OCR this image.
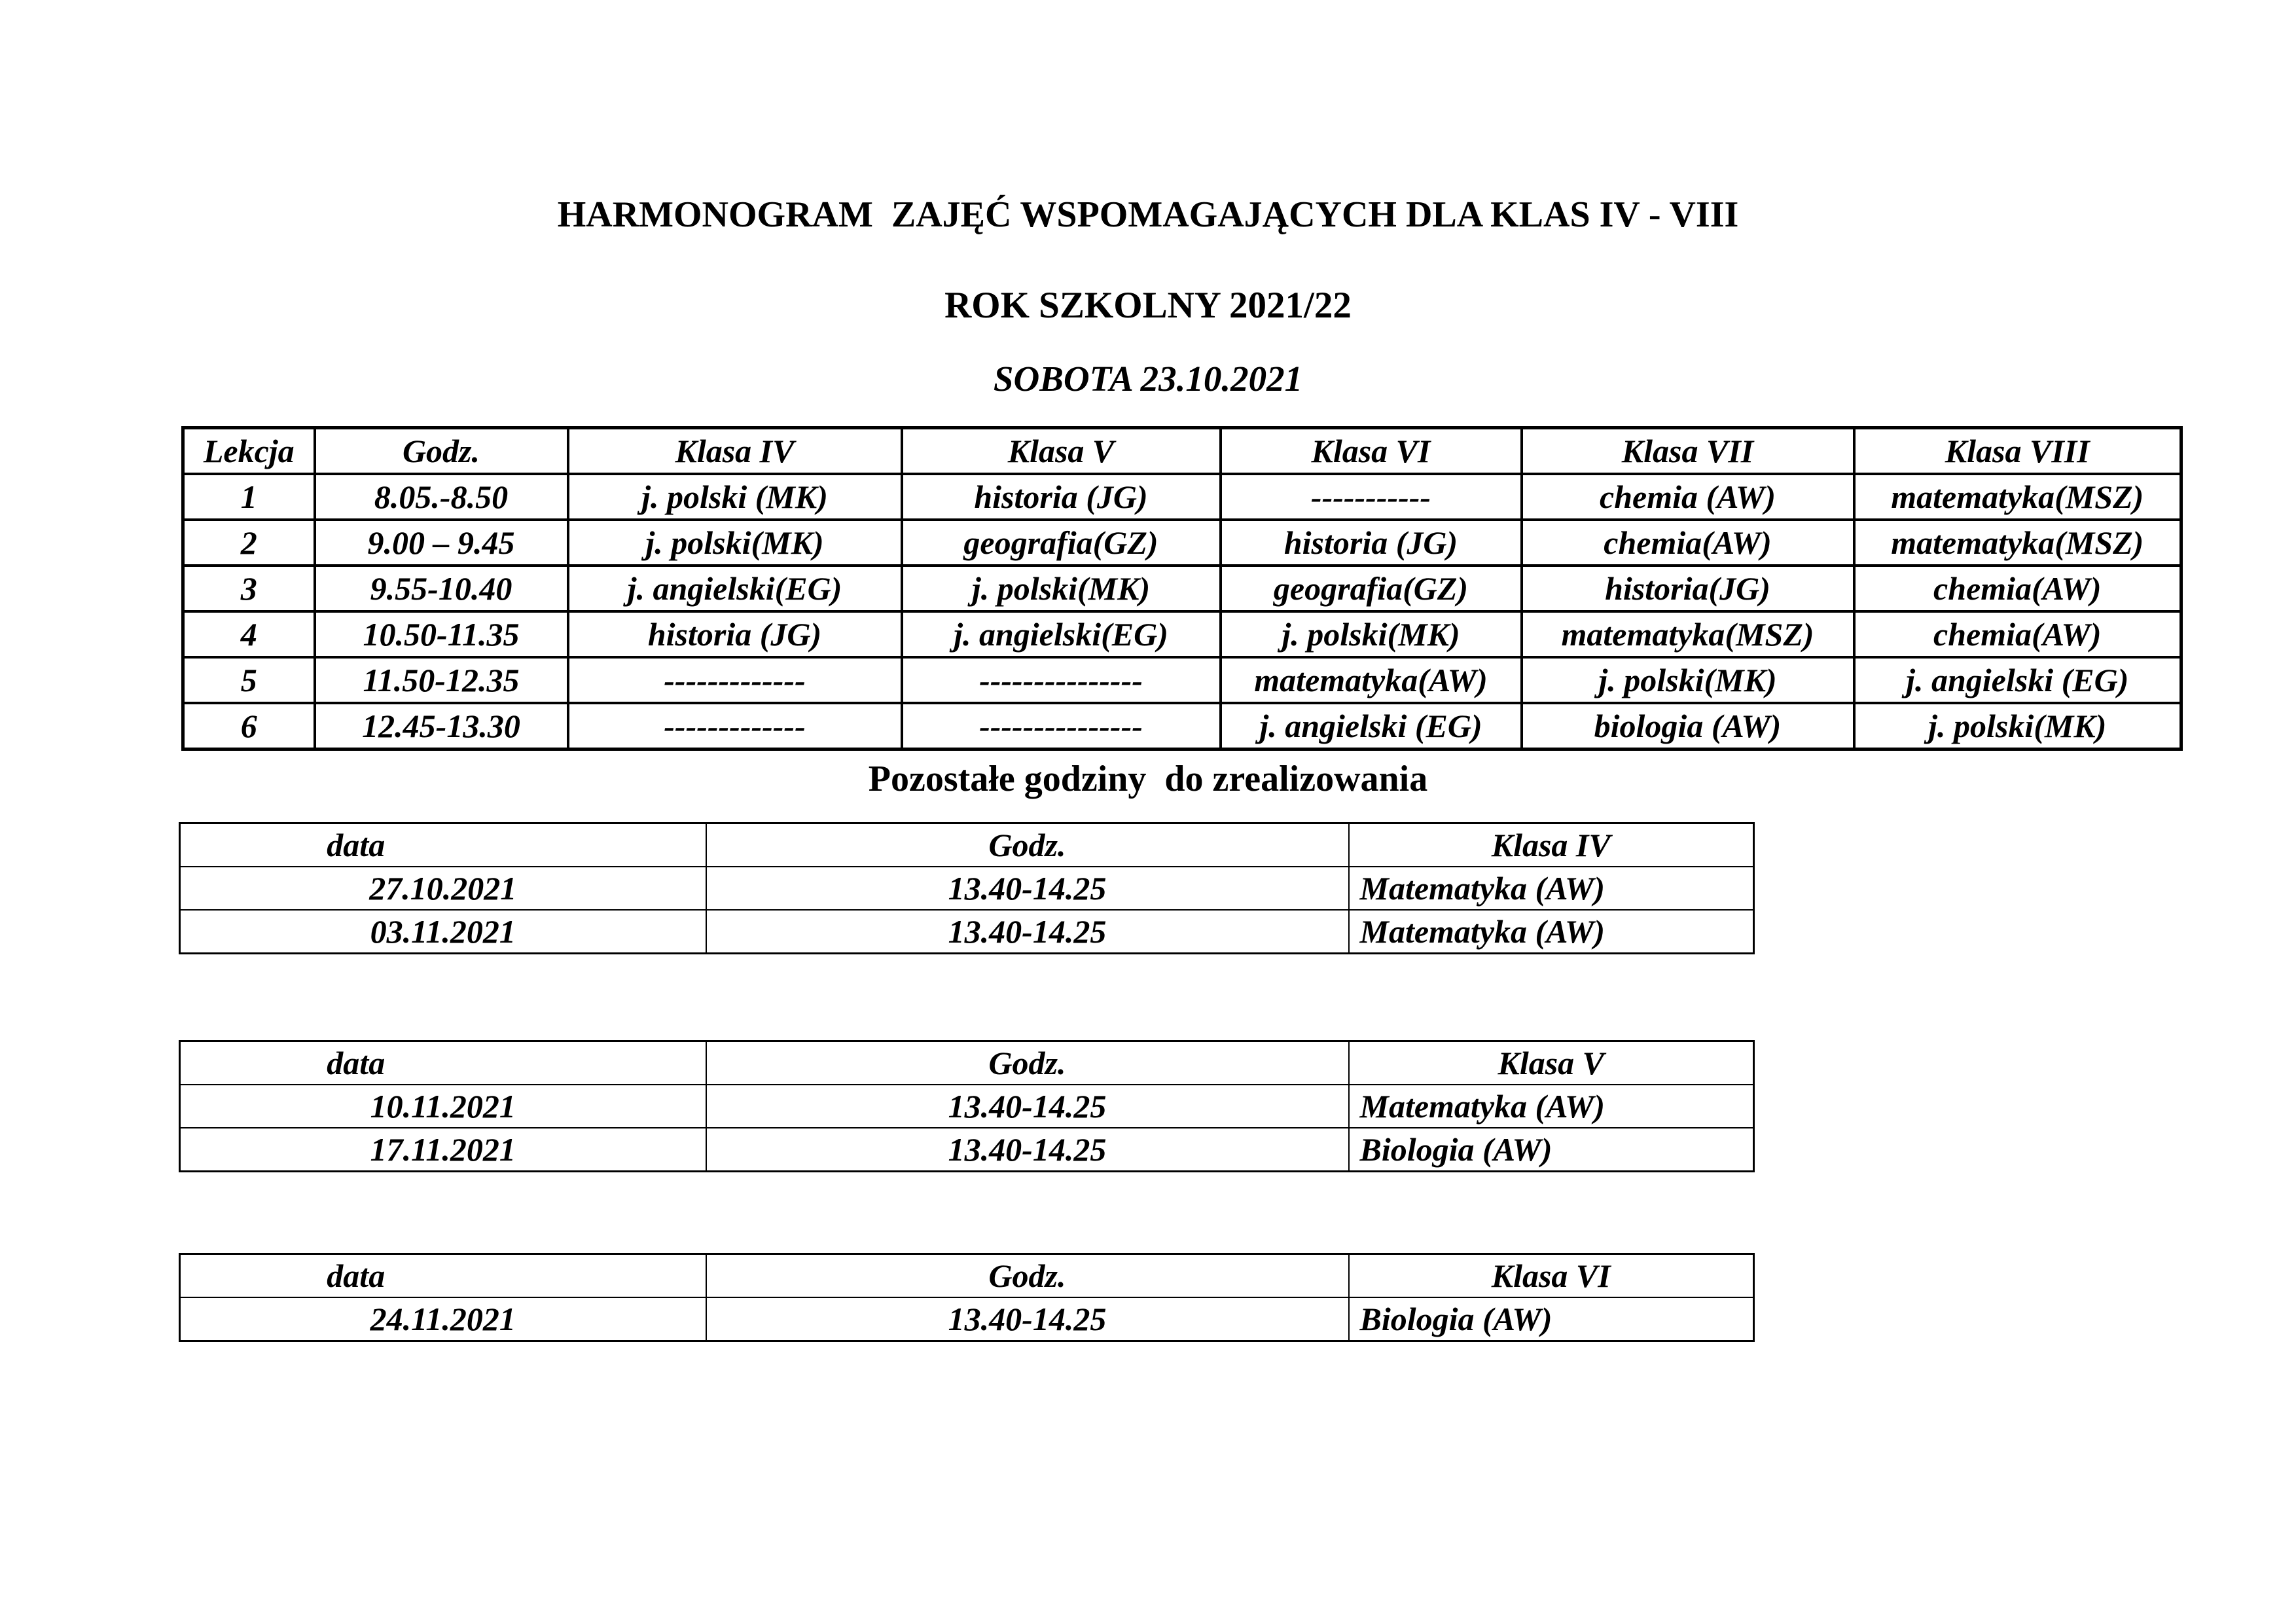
HARMONOGRAM  ZAJĘĆ WSPOMAGAJĄCYCH DLA KLAS IV - VIII
ROK SZKOLNY 2021/22
SOBOTA 23.10.2021
Lekcja	Godz.	Klasa IV	Klasa V	Klasa VI	Klasa VII	Klasa VIII
1	8.05.-8.50	j. polski (MK)	historia (JG)	-----------	chemia (AW)	matematyka(MSZ)
2	9.00 – 9.45	j. polski(MK)	geografia(GZ)	historia (JG)	chemia(AW)	matematyka(MSZ)
3	9.55-10.40	j. angielski(EG)	j. polski(MK)	geografia(GZ)	historia(JG)	chemia(AW)
4	10.50-11.35	historia (JG)	j. angielski(EG)	j. polski(MK)	matematyka(MSZ)	chemia(AW)
5	11.50-12.35	-------------	---------------	matematyka(AW)	j. polski(MK)	j. angielski (EG)
6	12.45-13.30	-------------	---------------	j. angielski (EG)	biologia (AW)	j. polski(MK)
Pozostałe godziny  do zrealizowania
data	Godz.	Klasa IV
27.10.2021	13.40-14.25	Matematyka (AW)
03.11.2021	13.40-14.25	Matematyka (AW)
data	Godz.	Klasa V
10.11.2021	13.40-14.25	Matematyka (AW)
17.11.2021	13.40-14.25	Biologia (AW)
data	Godz.	Klasa VI
24.11.2021	13.40-14.25	Biologia (AW)
